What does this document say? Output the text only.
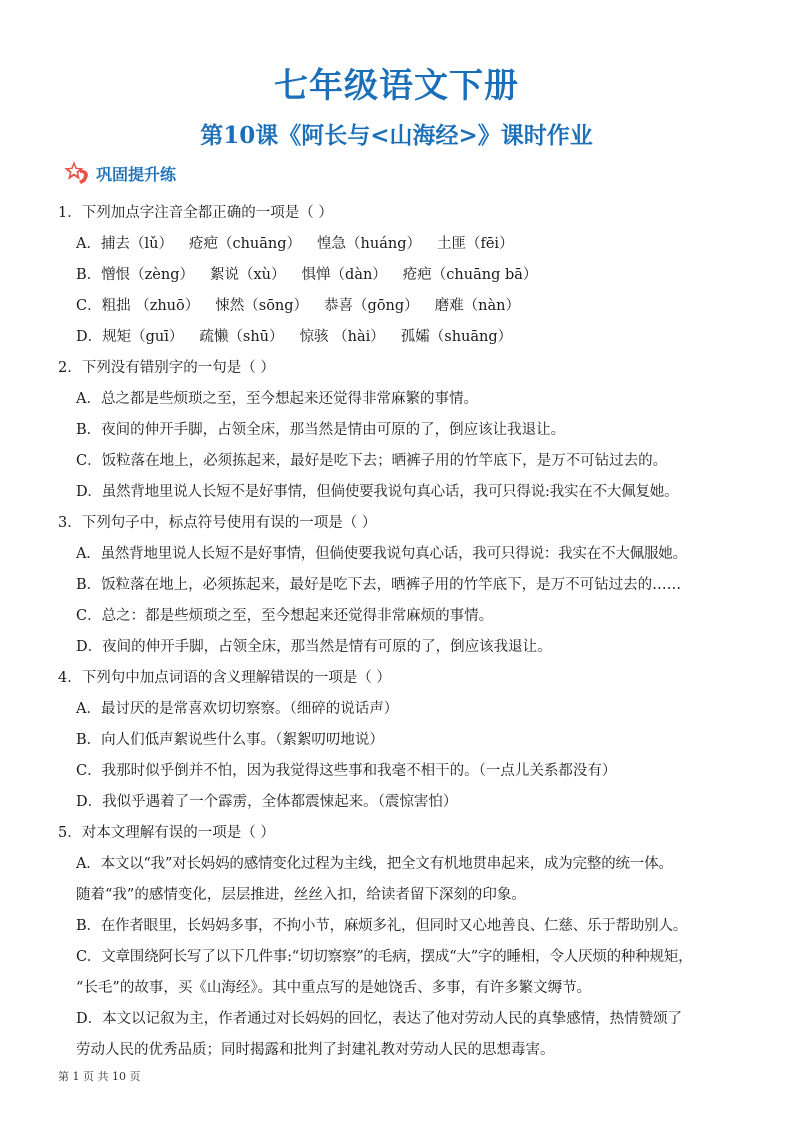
七年级语文下册
第10课《阿长与<山海经>》课时作业
巩固提升练
1．下列加点字注音全都正确的一项是（ ）
A．捕去（lǔ） 疮疤（chuāng） 惶急（huáng） 土匪（fēi）
B．憎恨（zèng） 絮说（xù） 惧惮（dàn） 疮疤（chuāng bā）
C．粗拙 （zhuō） 悚然（sōng） 恭喜（gōng） 磨难（nàn）
D．规矩（guī） 疏懒（shū） 惊骇 （hài） 孤孀（shuāng）
2．下列没有错别字的一句是（ ）
A．总之都是些烦琐之至，至今想起来还觉得非常麻繁的事情。
B．夜间的伸开手脚，占领全床，那当然是情由可原的了，倒应该让我退让。
C．饭粒落在地上，必须拣起来，最好是吃下去；晒裤子用的竹竿底下，是万不可钻过去的。
D．虽然背地里说人长短不是好事情，但倘使要我说句真心话，我可只得说:我实在不大佩复她。
3．下列句子中，标点符号使用有误的一项是（ ）
A．虽然背地里说人长短不是好事情，但倘使要我说句真心话，我可只得说：我实在不大佩服她。
B．饭粒落在地上，必须拣起来，最好是吃下去，晒裤子用的竹竿底下，是万不可钻过去的……
C．总之：都是些烦琐之至，至今想起来还觉得非常麻烦的事情。
D．夜间的伸开手脚，占领全床，那当然是情有可原的了，倒应该我退让。
4．下列句中加点词语的含义理解错误的一项是（ ）
A．最讨厌的是常喜欢切切察察。（细碎的说话声）
B．向人们低声絮说些什么事。（絮絮叨叨地说）
C．我那时似乎倒并不怕，因为我觉得这些事和我毫不相干的。（一点儿关系都没有）
D．我似乎遇着了一个霹雳，全体都震悚起来。（震惊害怕）
5．对本文理解有误的一项是（ ）
A．本文以“我”对长妈妈的感情变化过程为主线，把全文有机地贯串起来，成为完整的统一体。
随着“我”的感情变化，层层推进，丝丝入扣，给读者留下深刻的印象。
B．在作者眼里，长妈妈多事，不拘小节，麻烦多礼，但同时又心地善良、仁慈、乐于帮助别人。
C．文章围绕阿长写了以下几件事:“切切察察”的毛病，摆成“大”字的睡相，令人厌烦的种种规矩，
“长毛”的故事，买《山海经》。其中重点写的是她饶舌、多事，有许多繁文缛节。
D．本文以记叙为主，作者通过对长妈妈的回忆，表达了他对劳动人民的真挚感情，热情赞颂了
劳动人民的优秀品质；同时揭露和批判了封建礼教对劳动人民的思想毒害。
第 1 页 共 10 页
